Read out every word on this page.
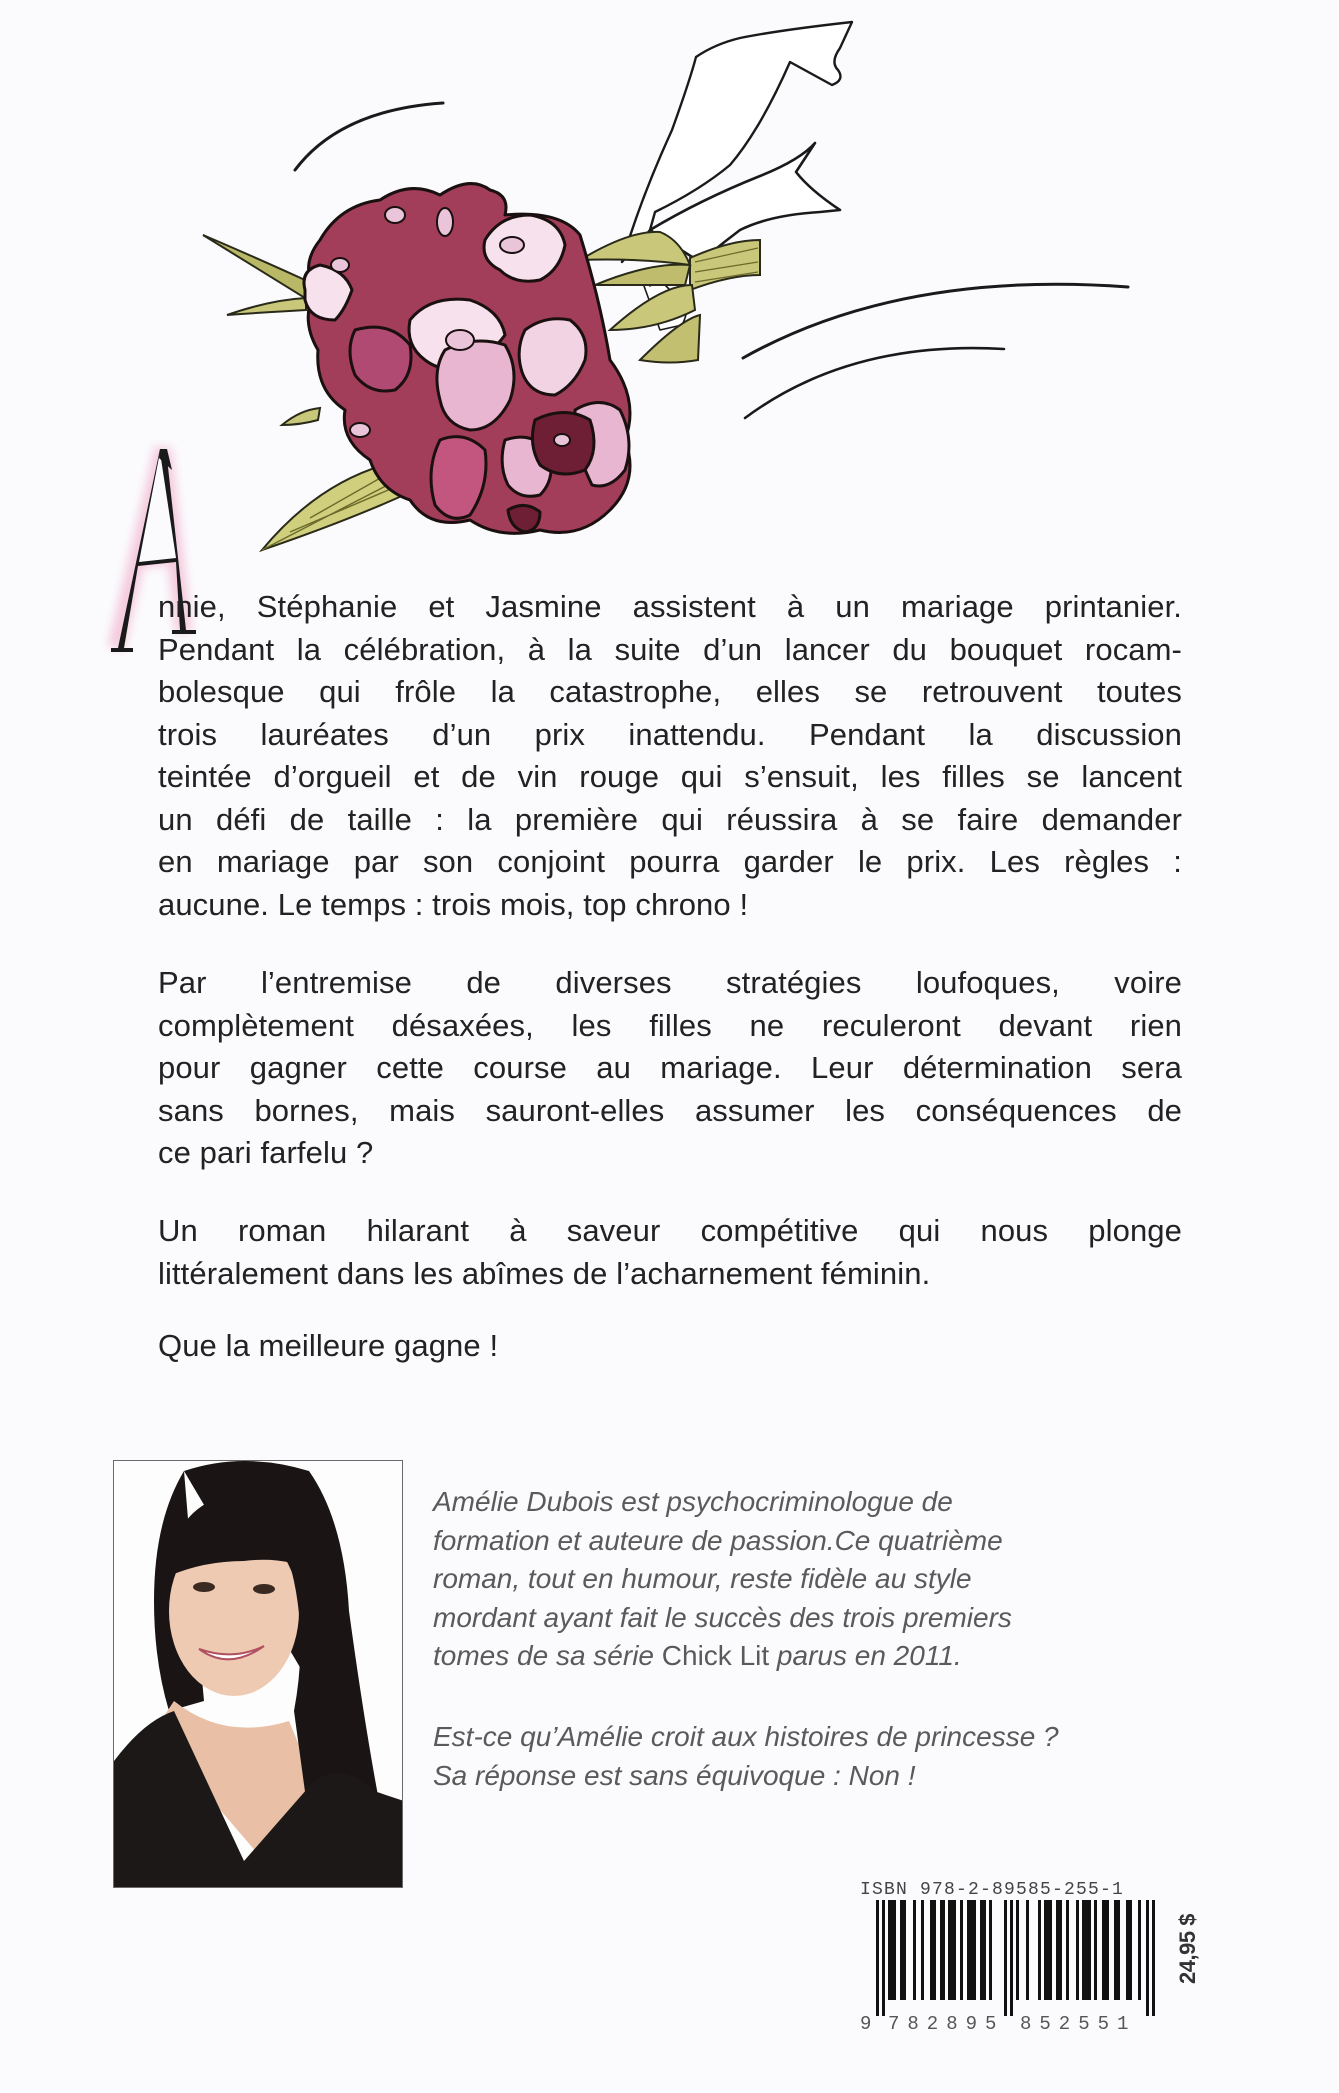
nnie, Stéphanie et Jasmine assistent à un mariage printanier.
Pendant la célébration, à la suite d’un lancer du bouquet rocam-
bolesque qui frôle la catastrophe, elles se retrouvent toutes
trois lauréates d’un prix inattendu. Pendant la discussion
teintée d’orgueil et de vin rouge qui s’ensuit, les filles se lancent
un défi de taille : la première qui réussira à se faire demander
en mariage par son conjoint pourra garder le prix. Les règles :
aucune. Le temps : trois mois, top chrono !
Par l’entremise de diverses stratégies loufoques, voire
complètement désaxées, les filles ne reculeront devant rien
pour gagner cette course au mariage. Leur détermination sera
sans bornes, mais sauront-elles assumer les conséquences de
ce pari farfelu ?
Un roman hilarant à saveur compétitive qui nous plonge
littéralement dans les abîmes de l’acharnement féminin.
Que la meilleure gagne !
Amélie Dubois est psychocriminologue de
formation et auteure de passion.Ce quatrième
roman, tout en humour, reste fidèle au style
mordant ayant fait le succès des trois premiers
tomes de sa série Chick Lit parus en 2011.
Est-ce qu’Amélie croit aux histoires de princesse ?
Sa réponse est sans équivoque : Non !
ISBN 978-2-89585-255-1
9 782895 852551
24,95 $
